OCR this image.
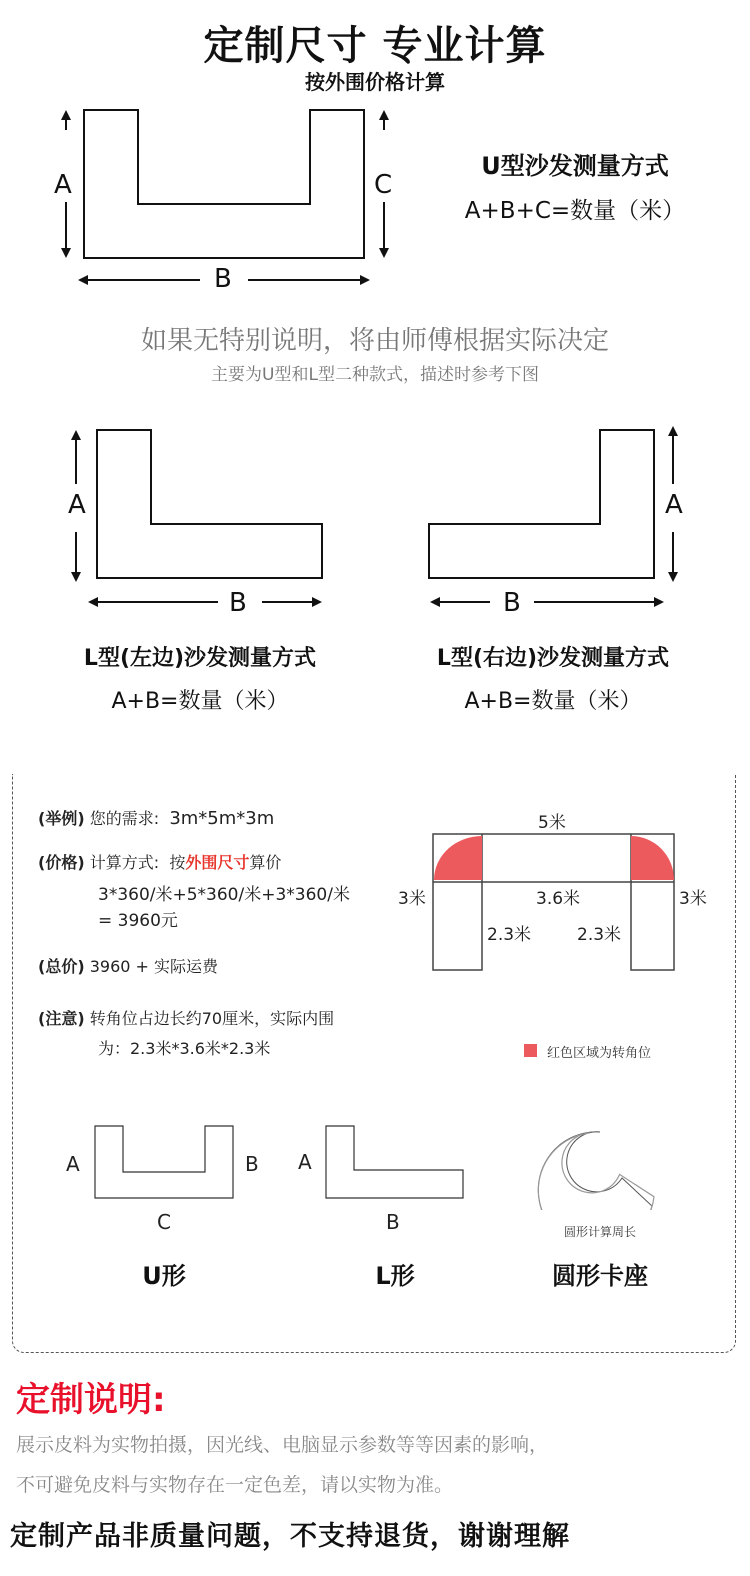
定制尺寸 专业计算
按外围价格计算
A	C
B
U型沙发测量方式
A+B+C=数量（米）
如果无特别说明，将由师傅根据实际决定
主要为U型和L型二种款式，描述时参考下图
A
B
A
B
L型(左边)沙发测量方式
A+B=数量（米）
L型(右边)沙发测量方式
A+B=数量（米）
(举例) 您的需求: 3m*5m*3m
(价格) 计算方式: 按外围尺寸算价
3*360/米+5*360/米+3*360/米
= 3960元
(总价) 3960 + 实际运费
(注意) 转角位占边长约70厘米，实际内围
为：2.3米*3.6米*2.3米
5米
3米	3米
3.6米
2.3米	2.3米
红色区域为转角位
A	B
C
A
B	圆形计算周长
U形	L形	圆形卡座
定制说明:
展示皮料为实物拍摄，因光线、电脑显示参数等等因素的影响，
不可避免皮料与实物存在一定色差，请以实物为准。
定制产品非质量问题，不支持退货，谢谢理解
